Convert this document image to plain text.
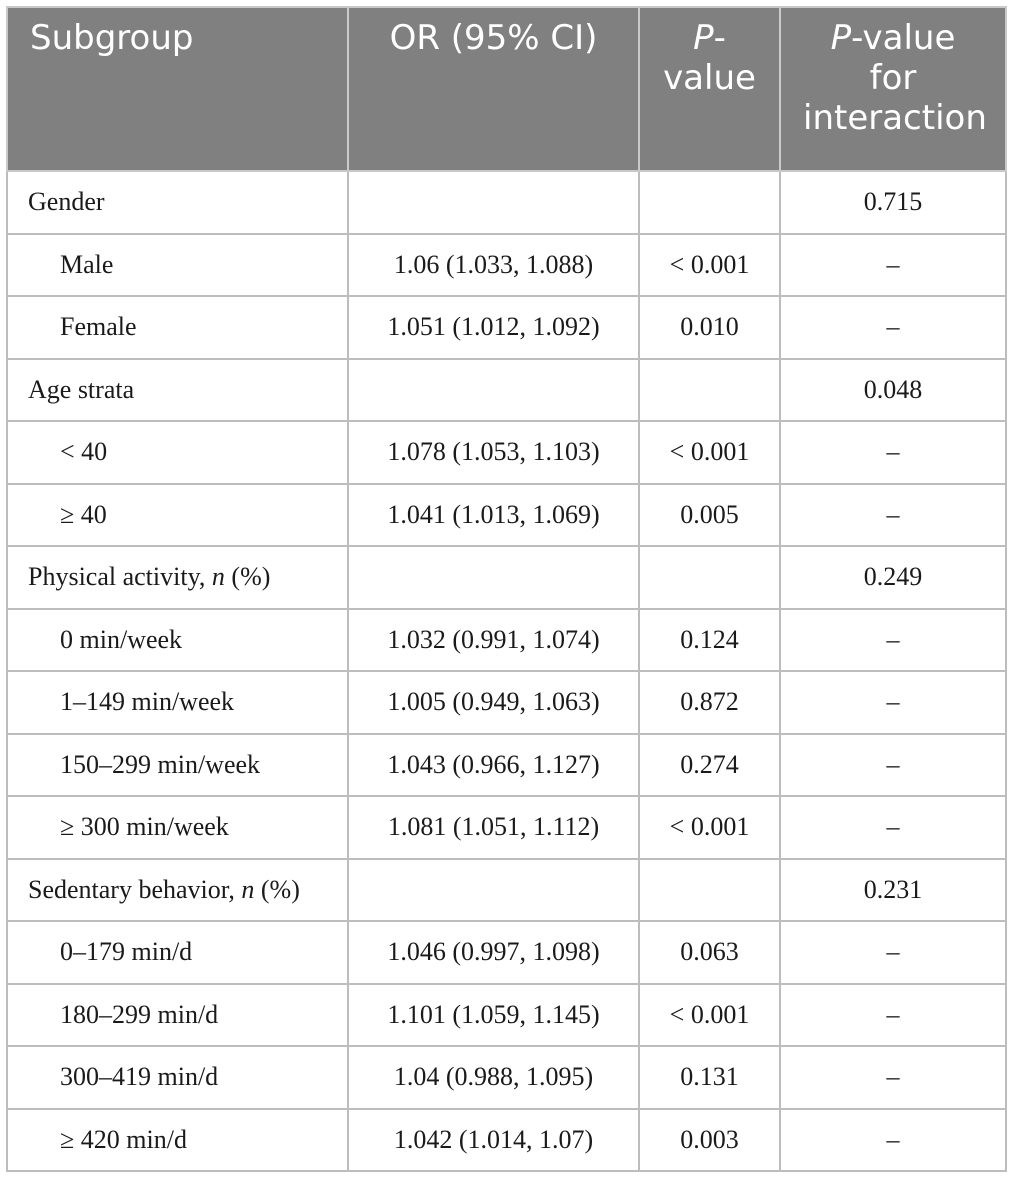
Subgroup	OR (95% CI)	P-value	P-value for interaction
Gender			0.715
Male	1.06 (1.033, 1.088)	< 0.001	–
Female	1.051 (1.012, 1.092)	0.010	–
Age strata			0.048
< 40	1.078 (1.053, 1.103)	< 0.001	–
≥ 40	1.041 (1.013, 1.069)	0.005	–
Physical activity, n (%)			0.249
0 min/week	1.032 (0.991, 1.074)	0.124	–
1–149 min/week	1.005 (0.949, 1.063)	0.872	–
150–299 min/week	1.043 (0.966, 1.127)	0.274	–
≥ 300 min/week	1.081 (1.051, 1.112)	< 0.001	–
Sedentary behavior, n (%)			0.231
0–179 min/d	1.046 (0.997, 1.098)	0.063	–
180–299 min/d	1.101 (1.059, 1.145)	< 0.001	–
300–419 min/d	1.04 (0.988, 1.095)	0.131	–
≥ 420 min/d	1.042 (1.014, 1.07)	0.003	–
